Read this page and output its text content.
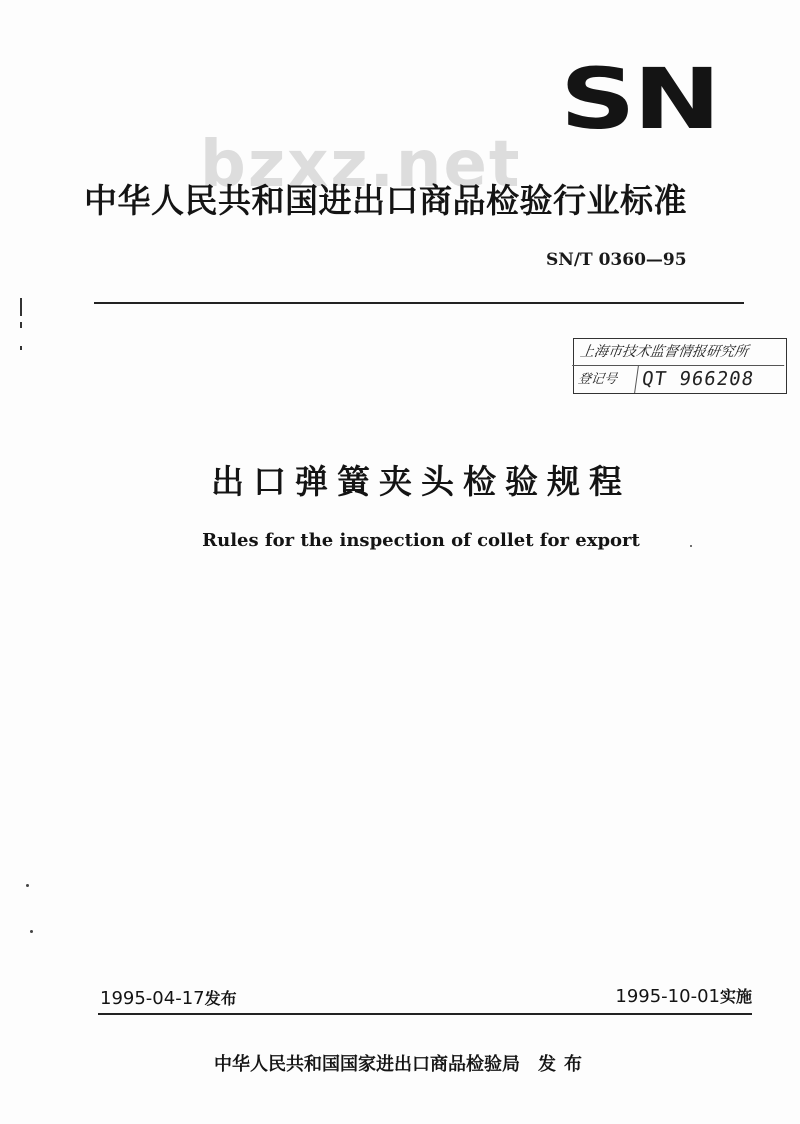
bzxz.net
SN
中华人民共和国进出口商品检验行业标准
SN/T 0360—95
上海市技术监督情报研究所
登记号	QT 966208
出口弹簧夹头检验规程
Rules for the inspection of collet for export
1995-04-17发布	1995-10-01实施
中华人民共和国国家进出口商品检验局 发布
